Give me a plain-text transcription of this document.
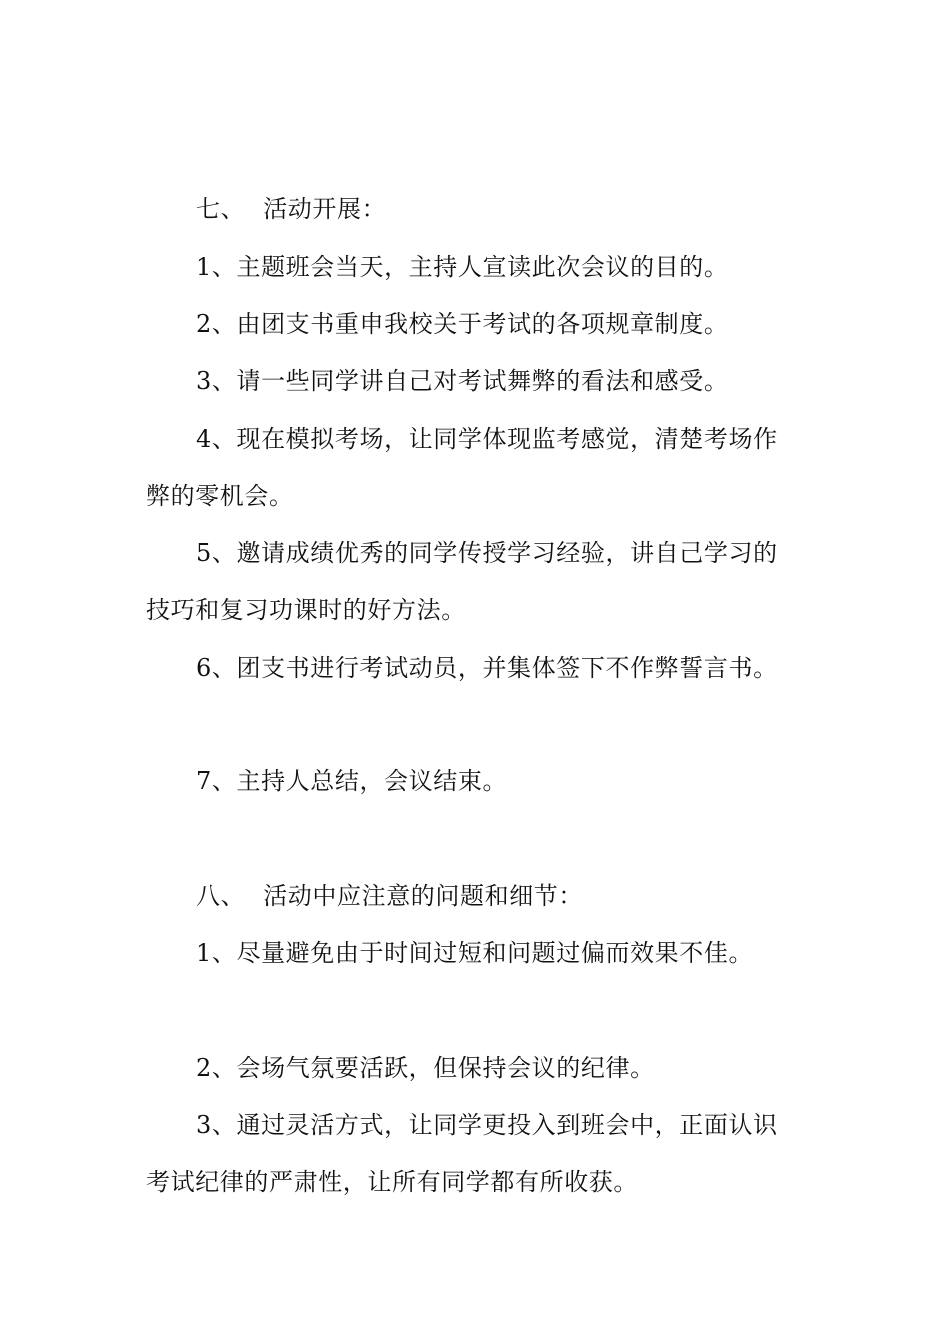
七、 活动开展：
1、主题班会当天，主持人宣读此次会议的目的。
2、由团支书重申我校关于考试的各项规章制度。
3、请一些同学讲自己对考试舞弊的看法和感受。
4、现在模拟考场，让同学体现监考感觉，清楚考场作
弊的零机会。
5、邀请成绩优秀的同学传授学习经验，讲自己学习的
技巧和复习功课时的好方法。
6、团支书进行考试动员，并集体签下不作弊誓言书。
7、主持人总结，会议结束。
八、 活动中应注意的问题和细节：
1、尽量避免由于时间过短和问题过偏而效果不佳。
2、会场气氛要活跃，但保持会议的纪律。
3、通过灵活方式，让同学更投入到班会中，正面认识
考试纪律的严肃性，让所有同学都有所收获。
